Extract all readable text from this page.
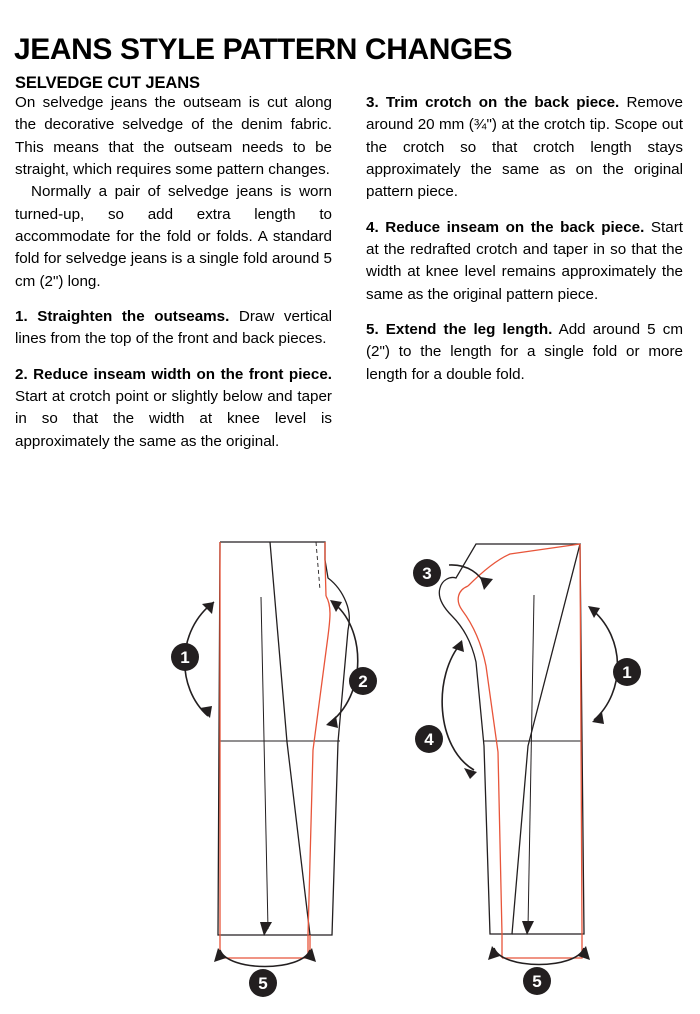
JEANS STYLE PATTERN CHANGES
SELVEDGE CUT JEANS

On selvedge jeans the outseam is cut along the decorative selvedge of the denim fabric. This means that the outseam needs to be straight, which requires some pattern changes.

Normally a pair of selvedge jeans is worn turned-up, so add extra length to accommodate for the fold or folds. A standard fold for selvedge jeans is a single fold around 5 cm (2") long.

1. Straighten the outseams. Draw vertical lines from the top of the front and back pieces.

2. Reduce inseam width on the front piece. Start at crotch point or slightly below and taper in so that the width at knee level is approximately the same as the original.

3. Trim crotch on the back piece. Remove around 20 mm (¾") at the crotch tip. Scope out the crotch so that crotch length stays approximately the same as on the original pattern piece.

4. Reduce inseam on the back piece. Start at the redrafted crotch and taper in so that the width at knee level remains approximately the same as the original pattern piece.

5. Extend the leg length. Add around 5 cm (2") to the length for a single fold or more length for a double fold.

1
2
5
3
4
1
5
